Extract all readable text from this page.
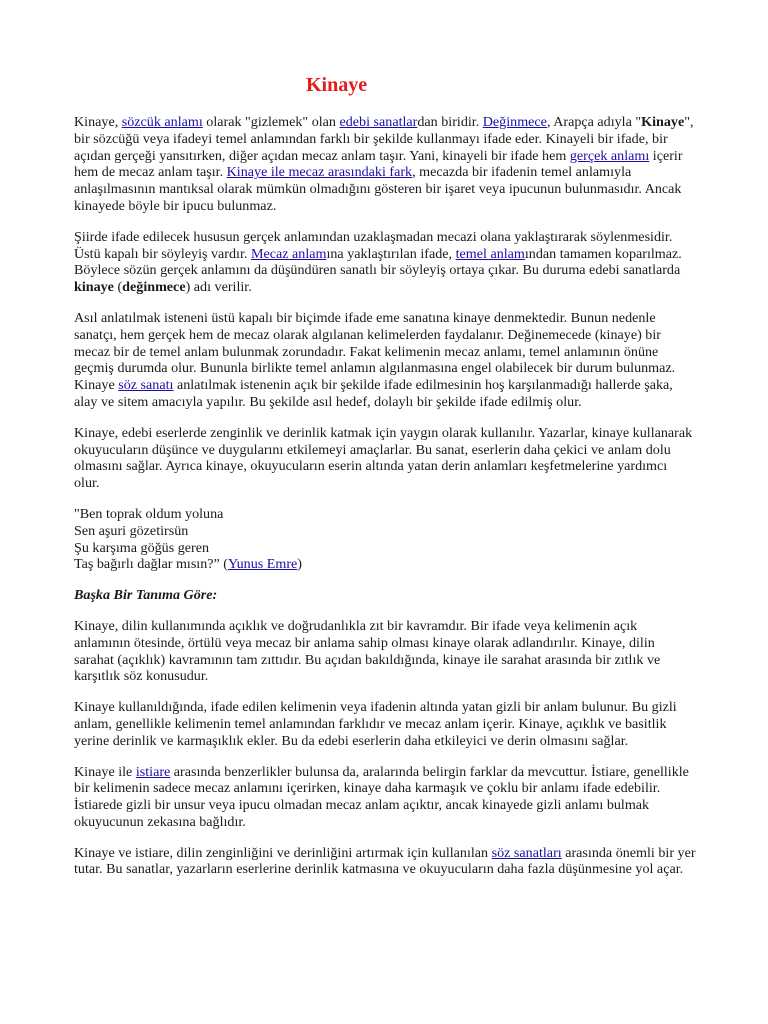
Kinaye

Kinaye, sözcük anlamı olarak "gizlemek" olan edebi sanatlardan biridir. Değinmece, Arapça adıyla "Kinaye", bir sözcüğü veya ifadeyi temel anlamından farklı bir şekilde kullanmayı ifade eder. Kinayeli bir ifade, bir açıdan gerçeği yansıtırken, diğer açıdan mecaz anlam taşır. Yani, kinayeli bir ifade hem gerçek anlamı içerir hem de mecaz anlam taşır. Kinaye ile mecaz arasındaki fark, mecazda bir ifadenin temel anlamıyla anlaşılmasının mantıksal olarak mümkün olmadığını gösteren bir işaret veya ipucunun bulunmasıdır. Ancak kinayede böyle bir ipucu bulunmaz.

Şiirde ifade edilecek hususun gerçek anlamından uzaklaşmadan mecazi olana yaklaştırarak söylenmesidir. Üstü kapalı bir söyleyiş vardır. Mecaz anlamına yaklaştırılan ifade, temel anlamından tamamen koparılmaz. Böylece sözün gerçek anlamını da düşündüren sanatlı bir söyleyiş ortaya çıkar. Bu duruma edebi sanatlarda kinaye (değinmece) adı verilir.

Asıl anlatılmak isteneni üstü kapalı bir biçimde ifade eme sanatına kinaye denmektedir. Bunun nedenle sanatçı, hem gerçek hem de mecaz olarak algılanan kelimelerden faydalanır. Değinemecede (kinaye) bir mecaz bir de temel anlam bulunmak zorundadır. Fakat kelimenin mecaz anlamı, temel anlamının önüne geçmiş durumda olur. Bununla birlikte temel anlamın algılanmasına engel olabilecek bir durum bulunmaz. Kinaye söz sanatı anlatılmak istenenin açık bir şekilde ifade edilmesinin hoş karşılanmadığı hallerde şaka, alay ve sitem amacıyla yapılır. Bu şekilde asıl hedef, dolaylı bir şekilde ifade edilmiş olur.

Kinaye, edebi eserlerde zenginlik ve derinlik katmak için yaygın olarak kullanılır. Yazarlar, kinaye kullanarak okuyucuların düşünce ve duygularını etkilemeyi amaçlarlar. Bu sanat, eserlerin daha çekici ve anlam dolu olmasını sağlar. Ayrıca kinaye, okuyucuların eserin altında yatan derin anlamları keşfetmelerine yardımcı olur.

"Ben toprak oldum yoluna
Sen aşuri gözetirsün
Şu karşıma göğüs geren
Taş bağırlı dağlar mısın?” (Yunus Emre)

Başka Bir Tanıma Göre:

Kinaye, dilin kullanımında açıklık ve doğrudanlıkla zıt bir kavramdır. Bir ifade veya kelimenin açık anlamının ötesinde, örtülü veya mecaz bir anlama sahip olması kinaye olarak adlandırılır. Kinaye, dilin sarahat (açıklık) kavramının tam zıttıdır. Bu açıdan bakıldığında, kinaye ile sarahat arasında bir zıtlık ve karşıtlık söz konusudur.

Kinaye kullanıldığında, ifade edilen kelimenin veya ifadenin altında yatan gizli bir anlam bulunur. Bu gizli anlam, genellikle kelimenin temel anlamından farklıdır ve mecaz anlam içerir. Kinaye, açıklık ve basitlik yerine derinlik ve karmaşıklık ekler. Bu da edebi eserlerin daha etkileyici ve derin olmasını sağlar.

Kinaye ile istiare arasında benzerlikler bulunsa da, aralarında belirgin farklar da mevcuttur. İstiare, genellikle bir kelimenin sadece mecaz anlamını içerirken, kinaye daha karmaşık ve çoklu bir anlamı ifade edebilir. İstiarede gizli bir unsur veya ipucu olmadan mecaz anlam açıktır, ancak kinayede gizli anlamı bulmak okuyucunun zekasına bağlıdır.

Kinaye ve istiare, dilin zenginliğini ve derinliğini artırmak için kullanılan söz sanatları arasında önemli bir yer tutar. Bu sanatlar, yazarların eserlerine derinlik katmasına ve okuyucuların daha fazla düşünmesine yol açar.
